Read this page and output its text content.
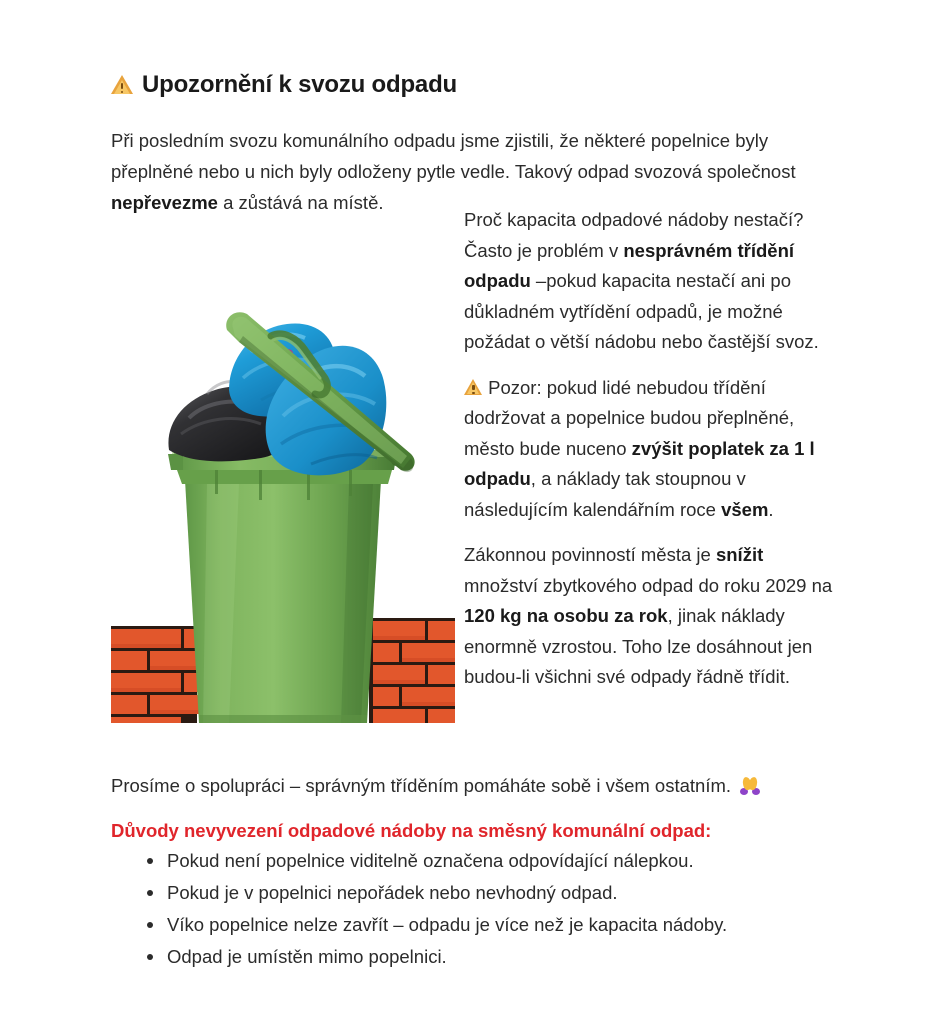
Upozornění k svozu odpadu

Při posledním svozu komunálního odpadu jsme zjistili, že některé popelnice byly přeplněné nebo u nich byly odloženy pytle vedle. Takový odpad svozová společnost nepřevezme a zůstává na místě.

Proč kapacita odpadové nádoby nestačí? Často je problém v nesprávném třídění odpadu –pokud kapacita nestačí ani po důkladném vytřídění odpadů, je možné požádat o větší nádobu nebo častější svoz.

Pozor: pokud lidé nebudou třídění dodržovat a popelnice budou přeplněné, město bude nuceno zvýšit poplatek za 1 l odpadu, a náklady tak stoupnou v následujícím kalendářním roce všem.

Zákonnou povinností města je snížit množství zbytkového odpad do roku 2029 na 120 kg na osobu za rok, jinak náklady enormně vzrostou. Toho lze dosáhnout jen budou-li všichni své odpady řádně třídit.

Prosíme o spolupráci – správným tříděním pomáháte sobě i všem ostatním.

Důvody nevyvezení odpadové nádoby na směsný komunální odpad:
Pokud není popelnice viditelně označena odpovídající nálepkou.
Pokud je v popelnici nepořádek nebo nevhodný odpad.
Víko popelnice nelze zavřít – odpadu je více než je kapacita nádoby.
Odpad je umístěn mimo popelnici.
